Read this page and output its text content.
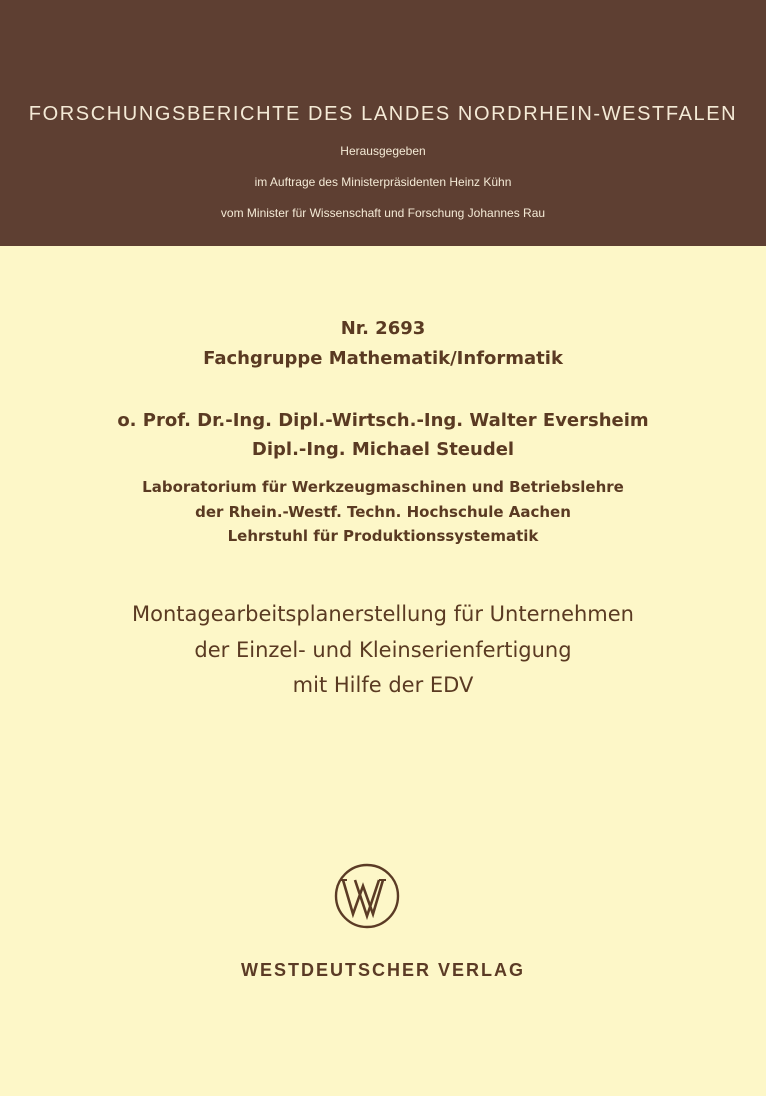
FORSCHUNGSBERICHTE DES LANDES NORDRHEIN-WESTFALEN
Herausgegeben
im Auftrage des Ministerpräsidenten Heinz Kühn
vom Minister für Wissenschaft und Forschung Johannes Rau
Nr. 2693
Fachgruppe Mathematik/Informatik
o. Prof. Dr.-Ing. Dipl.-Wirtsch.-Ing. Walter Eversheim
Dipl.-Ing. Michael Steudel
Laboratorium für Werkzeugmaschinen und Betriebslehre
der Rhein.-Westf. Techn. Hochschule Aachen
Lehrstuhl für Produktionssystematik
Montagearbeitsplanerstellung für Unternehmen
der Einzel- und Kleinserienfertigung
mit Hilfe der EDV
WESTDEUTSCHER VERLAG
